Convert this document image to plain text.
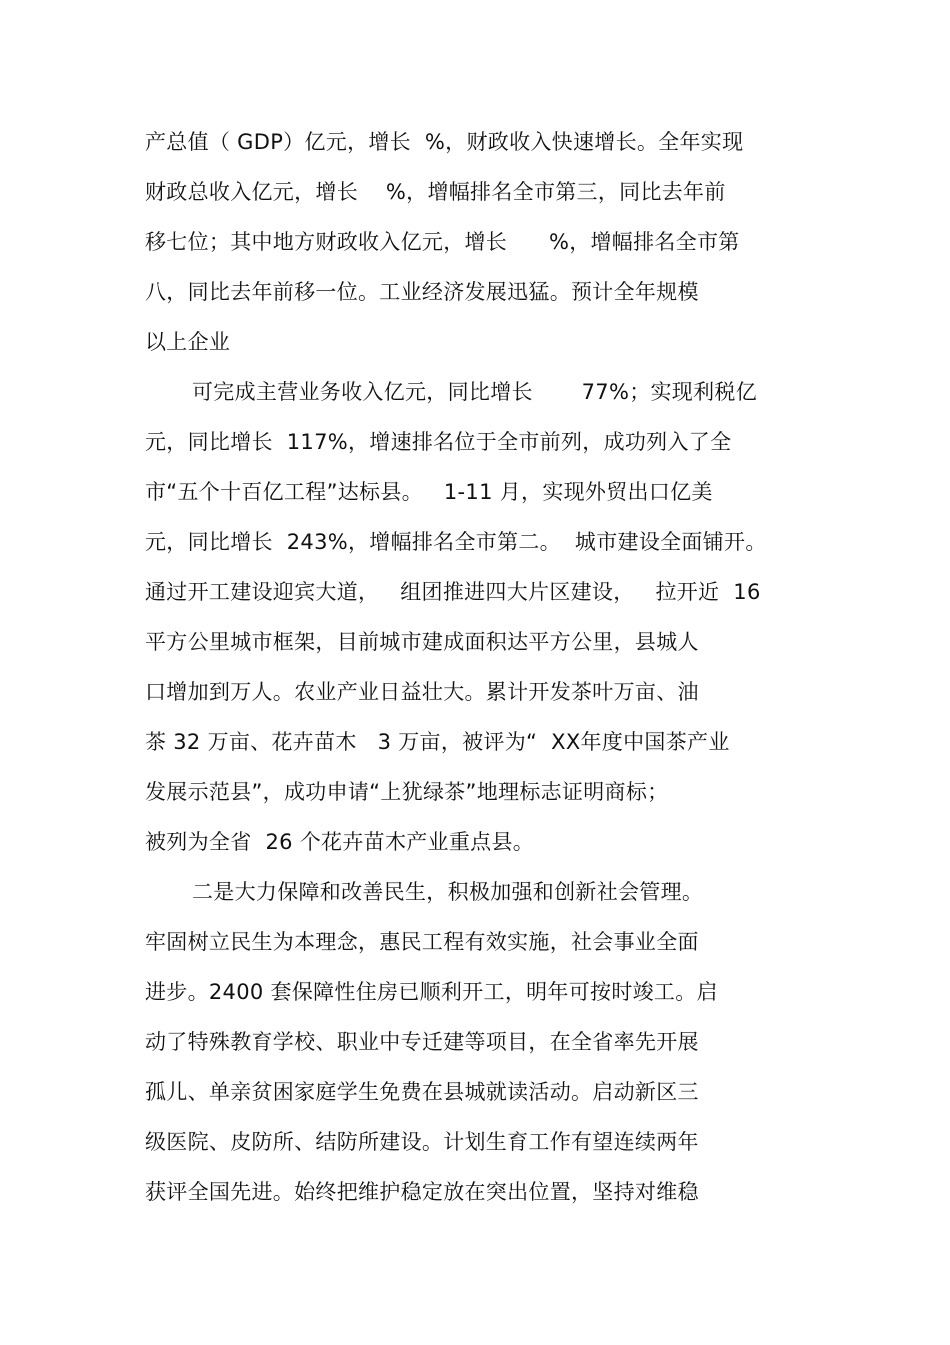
产总值（ GDP）亿元，增长  %，财政收入快速增长。全年实现
财政总收入亿元，增长    %，增幅排名全市第三，同比去年前
移七位；其中地方财政收入亿元，增长      %，增幅排名全市第
八，同比去年前移一位。工业经济发展迅猛。预计全年规模
以上企业
可完成主营业务收入亿元，同比增长       77%；实现利税亿
元，同比增长  117%，增速排名位于全市前列，成功列入了全
市“五个十百亿工程”达标县。   1-11 月，实现外贸出口亿美
元，同比增长  243%，增幅排名全市第二。  城市建设全面铺开。
通过开工建设迎宾大道，   组团推进四大片区建设，   拉开近  16
平方公里城市框架，目前城市建成面积达平方公里，县城人
口增加到万人。农业产业日益壮大。累计开发茶叶万亩、油
茶 32 万亩、花卉苗木   3 万亩，被评为“  XX年度中国茶产业
发展示范县”，成功申请“上犹绿茶”地理标志证明商标；
被列为全省  26 个花卉苗木产业重点县。
二是大力保障和改善民生，积极加强和创新社会管理。
牢固树立民生为本理念，惠民工程有效实施，社会事业全面
进步。2400 套保障性住房已顺利开工，明年可按时竣工。启
动了特殊教育学校、职业中专迁建等项目，在全省率先开展
孤儿、单亲贫困家庭学生免费在县城就读活动。启动新区三
级医院、皮防所、结防所建设。计划生育工作有望连续两年
获评全国先进。始终把维护稳定放在突出位置，坚持对维稳
